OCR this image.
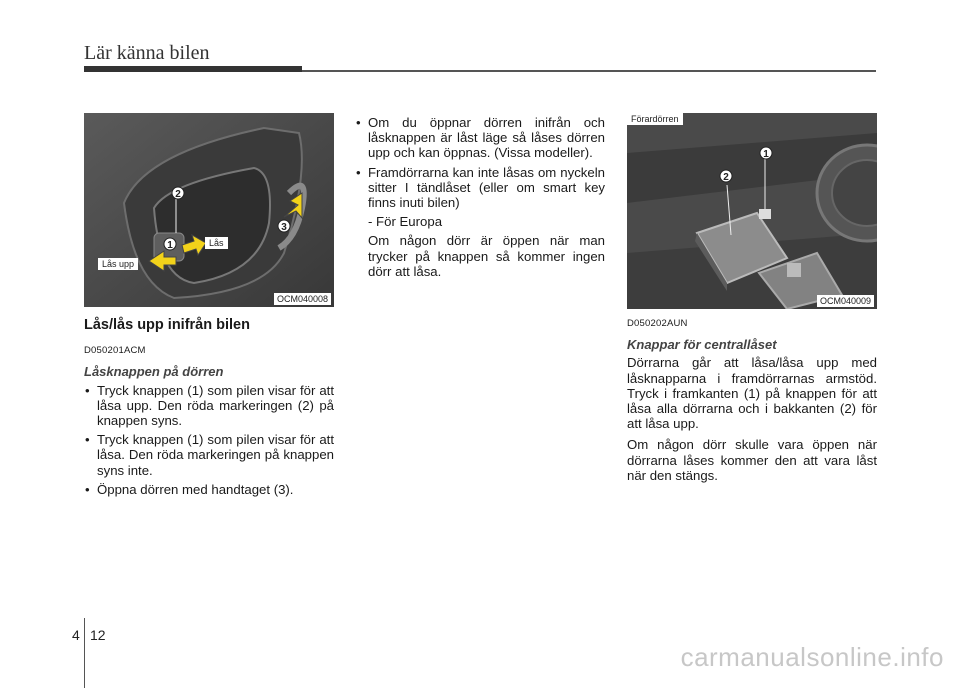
Lär känna bilen
2
1
3
Lås
Lås upp
OCM040008
2
1
Förardörren
OCM040009
Lås/lås upp inifrån bilen
D050201ACM
Låsknappen på dörren
• Tryck knappen (1) som pilen visar för att låsa upp. Den röda markeringen (2) på knappen syns.
• Tryck knappen (1) som pilen visar för att låsa. Den röda markeringen på knappen syns inte.
• Öppna dörren med handtaget (3).
• Om du öppnar dörren inifrån och låsknappen är låst läge så låses dörren upp och kan öppnas. (Vissa modeller).
• Framdörrarna kan inte låsas om nyckeln sitter I tändlåset (eller om smart key finns inuti bilen)
- För Europa
Om någon dörr är öppen när man trycker på knappen så kommer ingen dörr att låsa.
D050202AUN
Knappar för centrallåset

Dörrarna går att låsa/låsa upp med låsknapparna i framdörrarnas armstöd. Tryck i framkanten (1) på knappen för att låsa alla dörrarna och i bakkanten (2) för att låsa upp.

Om någon dörr skulle vara öppen när dörrarna låses kommer den att vara låst när den stängs.

4 12
carmanualsonline.info
